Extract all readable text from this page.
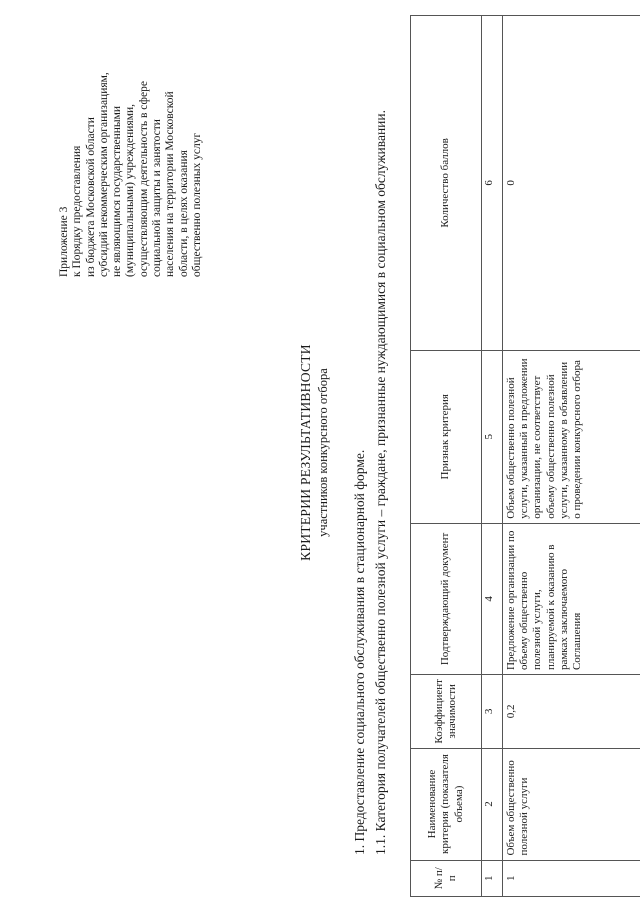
Приложение 3 к Порядку предоставления из бюджета Московской области субсидий некоммерческим организациям, не являющимся государственными (муниципальными) учреждениями, осуществляющим деятельность в сфере социальной защиты и занятости населения на территории Московской области, в целях оказания общественно полезных услуг
КРИТЕРИИ РЕЗУЛЬТАТИВНОСТИ участников конкурсного отбора 1. Предоставление социального обслуживания в стационарной форме. 1.1. Категория получателей общественно полезной услуги – граждане, признанные нуждающимися в социальном обслуживании.
№ п/п	Наименование критерия (показателя объема)	Коэффициент значимости	Подтверждающий документ	Признак критерия	Количество баллов
1	2	3	4	5	6
1	Объем общественно полезной услуги	0,2	Предложение организации по объему общественно полезной услуги, планируемой к оказанию в рамках заключаемого Соглашения	Объем общественно полезной услуги, указанный в предложении организации, не соответствует объему общественно полезной услуги, указанному в объявлении о проведении конкурсного отбора	0
